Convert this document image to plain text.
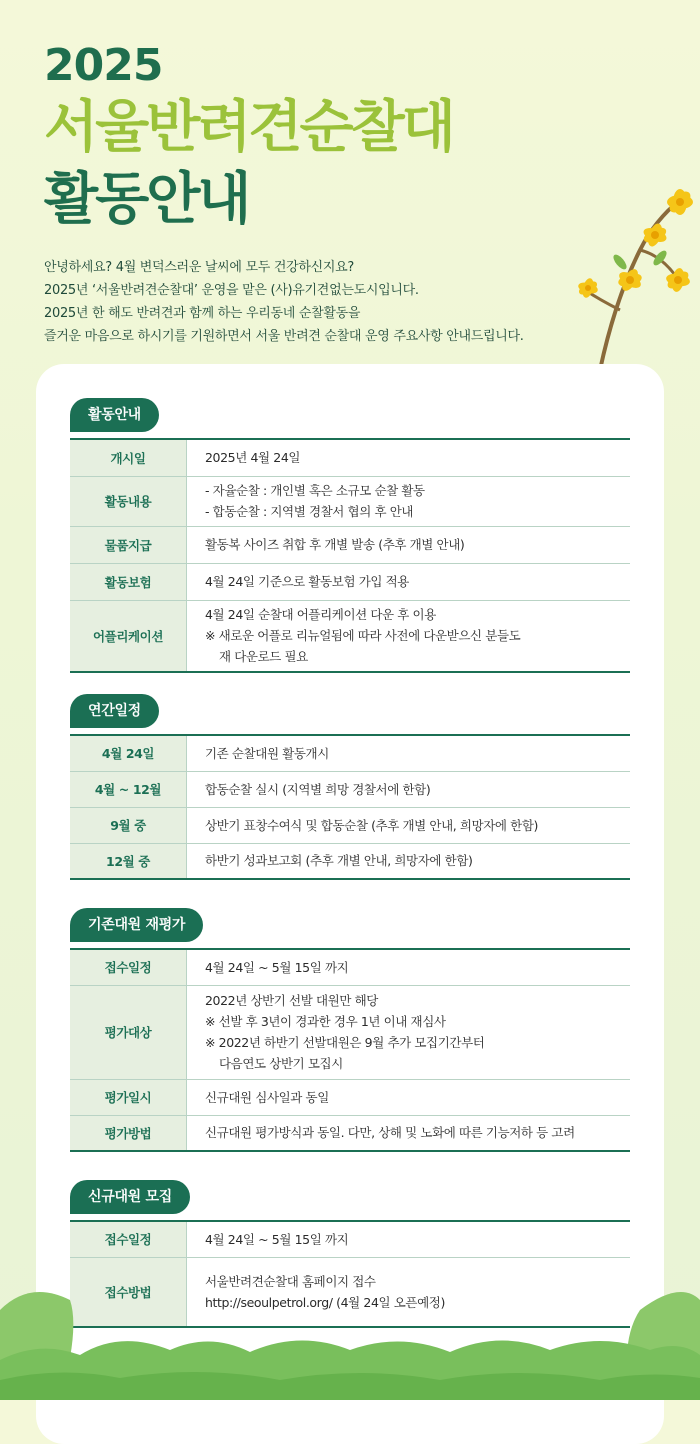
2025
서울반려견순찰대
활동안내
안녕하세요? 4월 변덕스러운 날씨에 모두 건강하신지요?
2025년 ‘서울반려견순찰대’ 운영을 맡은 (사)유기견없는도시입니다.
2025년 한 해도 반려견과 함께 하는 우리동네 순찰활동을
즐거운 마음으로 하시기를 기원하면서 서울 반려견 순찰대 운영 주요사항 안내드립니다.
활동안내
개시일	2025년 4월 24일

활동내용	- 자율순찰 : 개인별 혹은 소규모 순찰 활동
- 합동순찰 : 지역별 경찰서 협의 후 안내

물품지급	활동복 사이즈 취합 후 개별 발송 (추후 개별 안내)

활동보험	4월 24일 기준으로 활동보험 가입 적용

어플리케이션	4월 24일 순찰대 어플리케이션 다운 후 이용
※ 새로운 어플로 리뉴얼됨에 따라 사전에 다운받으신 분들도
재 다운로드 필요
연간일정
4월 24일	기존 순찰대원 활동개시

4월 ~ 12월	합동순찰 실시 (지역별 희망 경찰서에 한함)

9월 중	상반기 표창수여식 및 합동순찰 (추후 개별 안내, 희망자에 한함)

12월 중	하반기 성과보고회 (추후 개별 안내, 희망자에 한함)
기존대원 재평가
접수일정	4월 24일 ~ 5월 15일 까지

평가대상	2022년 상반기 선발 대원만 해당
※ 선발 후 3년이 경과한 경우 1년 이내 재심사
※ 2022년 하반기 선발대원은 9월 추가 모집기간부터
다음연도 상반기 모집시

평가일시	신규대원 심사일과 동일

평가방법	신규대원 평가방식과 동일. 다만, 상해 및 노화에 따른 기능저하 등 고려
신규대원 모집
접수일정	4월 24일 ~ 5월 15일 까지

접수방법	서울반려견순찰대 홈페이지 접수
http://seoulpetrol.org/ (4월 24일 오픈예정)
